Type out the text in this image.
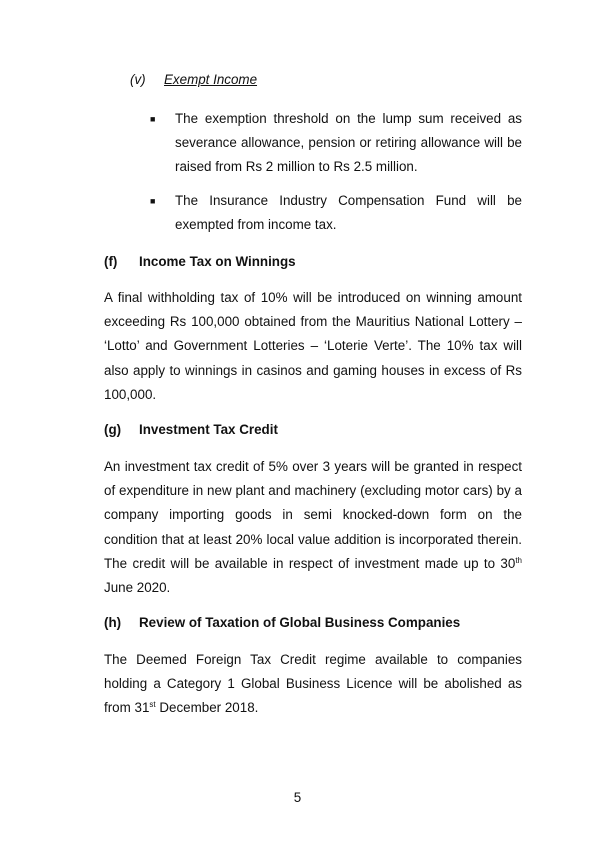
(v) Exempt Income
■ The exemption threshold on the lump sum received as severance allowance, pension or retiring allowance will be raised from Rs 2 million to Rs 2.5 million.
■ The Insurance Industry Compensation Fund will be exempted from income tax.
(f) Income Tax on Winnings
A final withholding tax of 10% will be introduced on winning amount exceeding Rs 100,000 obtained from the Mauritius National Lottery – ‘Lotto’ and Government Lotteries – ‘Loterie Verte’. The 10% tax will also apply to winnings in casinos and gaming houses in excess of Rs 100,000.
(g) Investment Tax Credit
An investment tax credit of 5% over 3 years will be granted in respect of expenditure in new plant and machinery (excluding motor cars) by a company importing goods in semi knocked-down form on the condition that at least 20% local value addition is incorporated therein. The credit will be available in respect of investment made up to 30th June 2020.
(h) Review of Taxation of Global Business Companies
The Deemed Foreign Tax Credit regime available to companies holding a Category 1 Global Business Licence will be abolished as from 31st December 2018.
5
